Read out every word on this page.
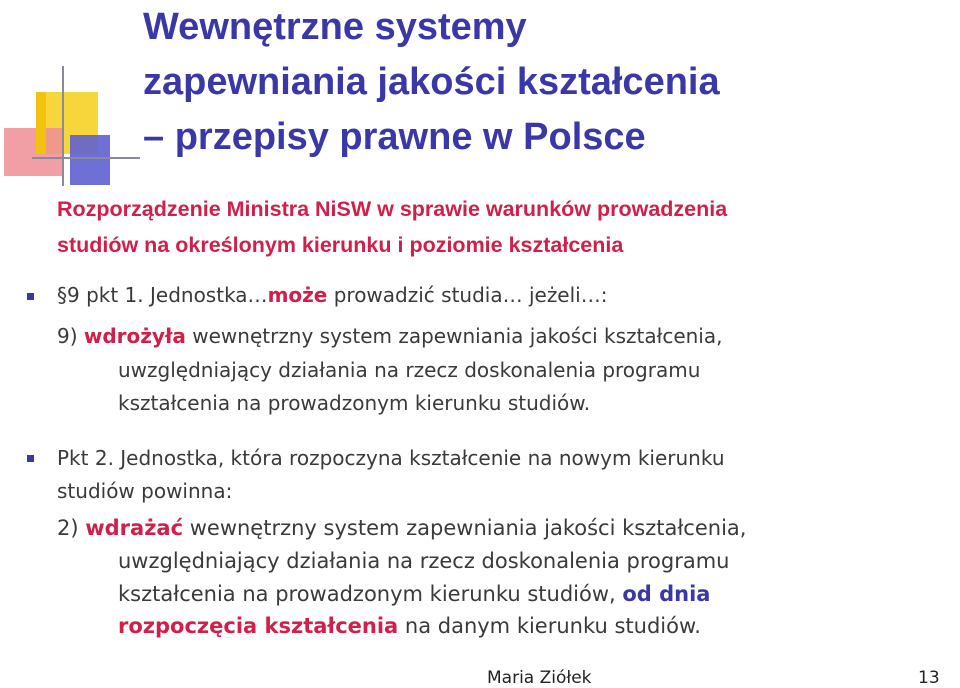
Wewnętrzne systemy
zapewniania jakości kształcenia
– przepisy prawne w Polsce
Rozporządzenie Ministra NiSW w sprawie warunków prowadzenia
studiów na określonym kierunku i poziomie kształcenia
§9 pkt 1. Jednostka…może prowadzić studia… jeżeli…:
9) wdrożyła wewnętrzny system zapewniania jakości kształcenia,
uwzględniający działania na rzecz doskonalenia programu
kształcenia na prowadzonym kierunku studiów.
Pkt 2. Jednostka, która rozpoczyna kształcenie na nowym kierunku
studiów powinna:
2) wdrażać wewnętrzny system zapewniania jakości kształcenia,
uwzględniający działania na rzecz doskonalenia programu
kształcenia na prowadzonym kierunku studiów, od dnia
rozpoczęcia kształcenia na danym kierunku studiów.
Maria Ziółek	13
